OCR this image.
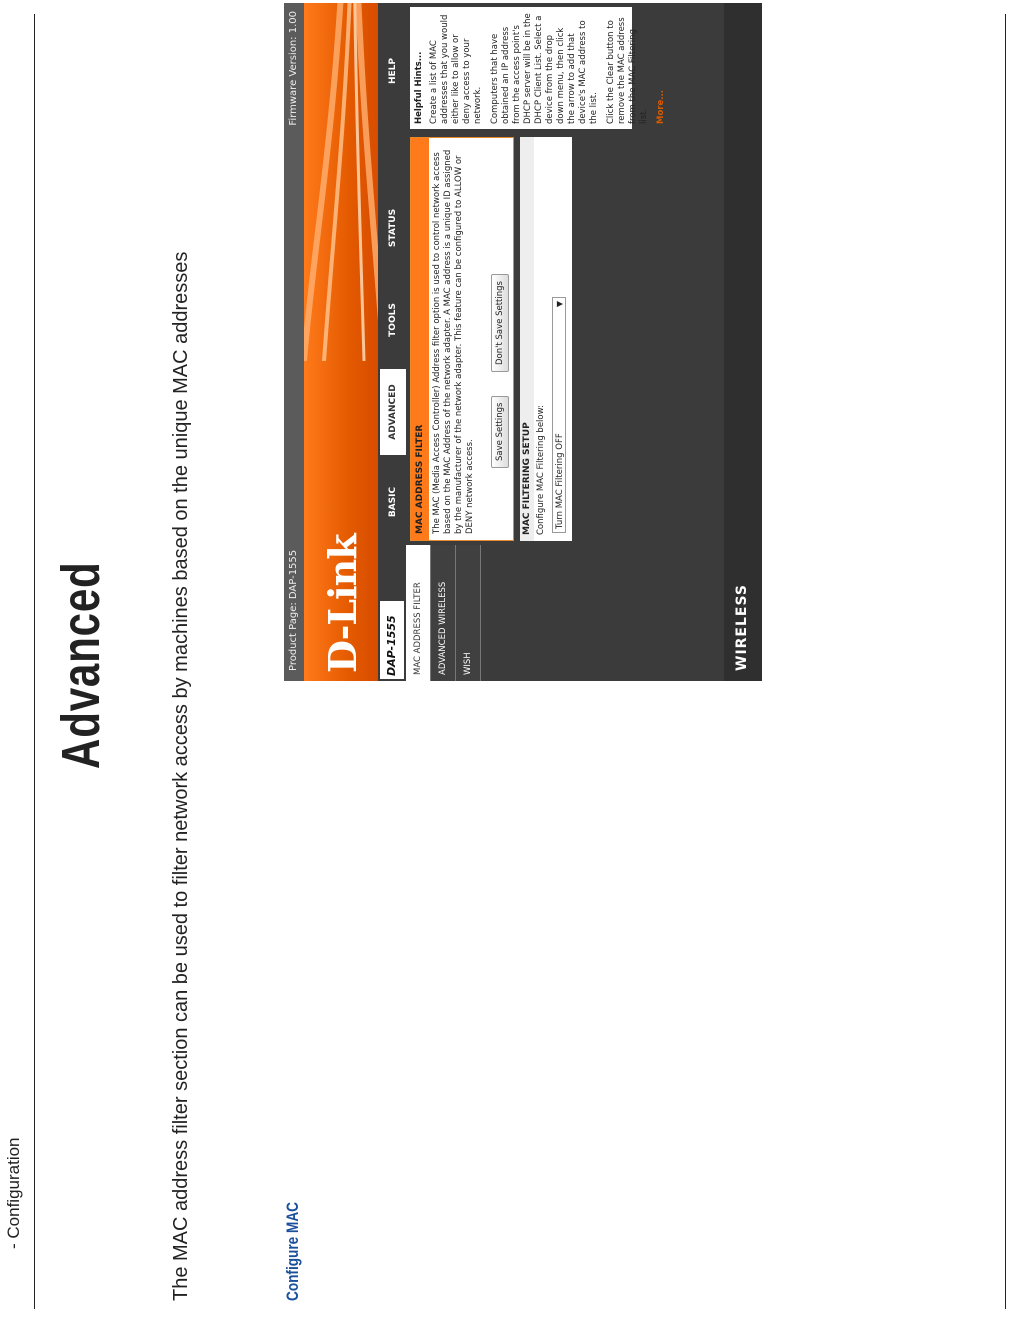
- Configuration
Advanced	The MAC address filter section can be used to filter network access by machines based on the unique MAC addresses	Configure MAC
Product Page: DAP-1555
Firmware Version: 1.00
D-Link	DAP-1555
BASIC
ADVANCED
TOOLS
STATUS
HELP
MAC ADDRESS FILTER	ADVANCED WIRELESS	WISH
MAC ADDRESS FILTER The MAC (Media Access Controller) Address filter option is used to control network access based on the MAC Address of the network adapter. A MAC address is a unique ID assigned by the manufacturer of the network adapter. This feature can be configured to ALLOW or DENY network access.
Save Settings
Don't Save Settings
MAC FILTERING SETUP Configure MAC Filtering below:	Turn MAC Filtering OFF
▼
Helpful Hints... Create a list of MAC addresses that you would either like to allow or deny access to your network. Computers that have obtained an IP address from the access point's DHCP server will be in the DHCP Client List. Select a device from the drop down menu, then click the arrow to add that device's MAC address to the list. Click the Clear button to remove the MAC address from the MAC Filtering list. More...

WIRELESS
